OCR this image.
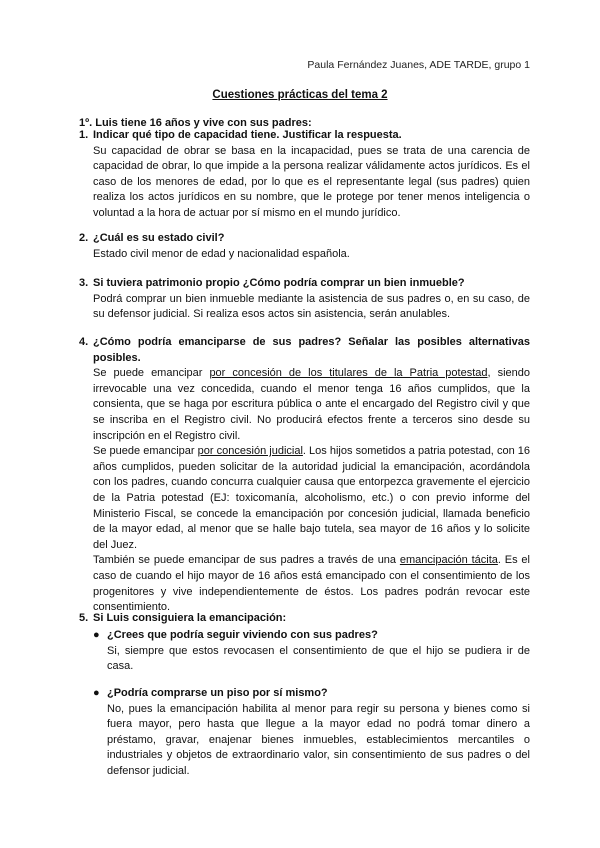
Paula Fernández Juanes, ADE TARDE, grupo 1
Cuestiones prácticas del tema 2
1º. Luis tiene 16 años y vive con sus padres:
1. Indicar qué tipo de capacidad tiene. Justificar la respuesta.
Su capacidad de obrar se basa en la incapacidad, pues se trata de una carencia de capacidad de obrar, lo que impide a la persona realizar válidamente actos jurídicos. Es el caso de los menores de edad, por lo que es el representante legal (sus padres) quien realiza los actos jurídicos en su nombre, que le protege por tener menos inteligencia o voluntad a la hora de actuar por sí mismo en el mundo jurídico.
2. ¿Cuál es su estado civil?
Estado civil menor de edad y nacionalidad española.
3. Si tuviera patrimonio propio ¿Cómo podría comprar un bien inmueble?
Podrá comprar un bien inmueble mediante la asistencia de sus padres o, en su caso, de su defensor judicial. Si realiza esos actos sin asistencia, serán anulables.
4. ¿Cómo podría emanciparse de sus padres? Señalar las posibles alternativas posibles.
Se puede emancipar por concesión de los titulares de la Patria potestad, siendo irrevocable una vez concedida, cuando el menor tenga 16 años cumplidos, que la consienta, que se haga por escritura pública o ante el encargado del Registro civil y que se inscriba en el Registro civil. No producirá efectos frente a terceros sino desde su inscripción en el Registro civil.
Se puede emancipar por concesión judicial. Los hijos sometidos a patria potestad, con 16 años cumplidos, pueden solicitar de la autoridad judicial la emancipación, acordándola con los padres, cuando concurra cualquier causa que entorpezca gravemente el ejercicio de la Patria potestad (EJ: toxicomanía, alcoholismo, etc.) o con previo informe del Ministerio Fiscal, se concede la emancipación por concesión judicial, llamada beneficio de la mayor edad, al menor que se halle bajo tutela, sea mayor de 16 años y lo solicite del Juez.
También se puede emancipar de sus padres a través de una emancipación tácita. Es el caso de cuando el hijo mayor de 16 años está emancipado con el consentimiento de los progenitores y vive independientemente de éstos. Los padres podrán revocar este consentimiento.
5. Si Luis consiguiera la emancipación:
● ¿Crees que podría seguir viviendo con sus padres?
Si, siempre que estos revocasen el consentimiento de que el hijo se pudiera ir de casa.
● ¿Podría comprarse un piso por sí mismo?
No, pues la emancipación habilita al menor para regir su persona y bienes como si fuera mayor, pero hasta que llegue a la mayor edad no podrá tomar dinero a préstamo, gravar, enajenar bienes inmuebles, establecimientos mercantiles o industriales y objetos de extraordinario valor, sin consentimiento de sus padres o del defensor judicial.
